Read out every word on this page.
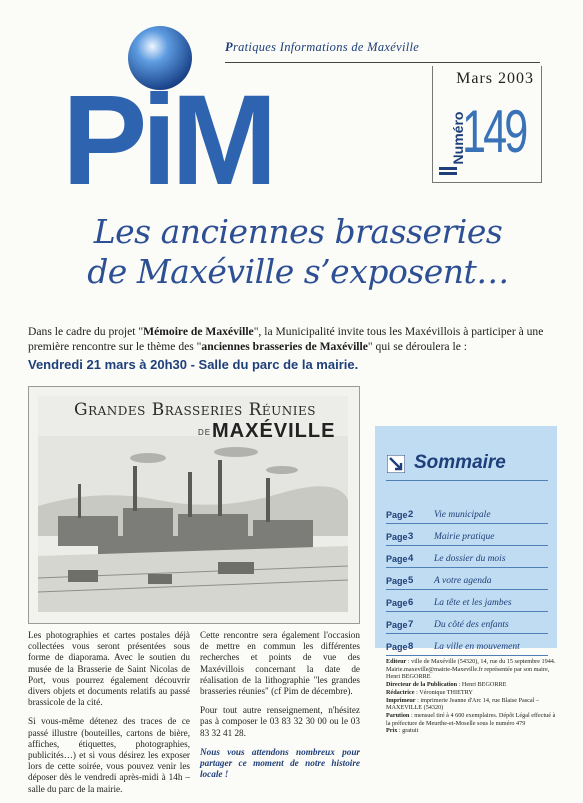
PiM
Pratiques Informations de Maxéville
Mars 2003
Numéro
149
Les anciennes brasseries
de Maxéville s’exposent…
Dans le cadre du projet "Mémoire de Maxéville", la Municipalité invite tous les Maxévillois à participer à une première rencontre sur le thème des "anciennes brasseries de Maxéville" qui se déroulera le :
Vendredi 21 mars à 20h30 - Salle du parc de la mairie.
Grandes Brasseries Réunies
DE MAXÉVILLE

Les photographies et cartes postales déjà collectées vous seront présentées sous forme de diaporama. Avec le soutien du musée de la Brasserie de Saint Nicolas de Port, vous pourrez également découvrir divers objets et documents relatifs au passé brassicole de la cité.

Si vous-même détenez des traces de ce passé illustre (bouteilles, cartons de bière, affiches, étiquettes, photographies, publicités…) et si vous désirez les exposer lors de cette soirée, vous pouvez venir les déposer dès le vendredi après-midi à 14h – salle du parc de la mairie.

Cette rencontre sera également l'occasion de mettre en commun les différentes recherches et points de vue des Maxévillois concernant la date de réalisation de la lithographie "les grandes brasseries réunies" (cf Pim de décembre).

Pour tout autre renseignement, n'hésitez pas à composer le 03 83 32 30 00 ou le 03 83 32 41 28.

Nous vous attendons nombreux pour partager ce moment de notre histoire locale !

Sommaire
Page 2	Vie municipale
Page 3	Mairie pratique
Page 4	Le dossier du mois
Page 5	A votre agenda
Page 6	La tête et les jambes
Page 7	Du côté des enfants
Page 8	La ville en mouvement
Editeur : ville de Maxéville (54320), 14, rue du 15 septembre 1944. Mairie.maxeville@mairie-Maxeville.fr représentée par son maire, Henri BEGORRE
Directeur de la Publication : Henri BEGORRE
Rédactrice : Véronique THIETRY
Imprimeur : imprimerie Jeanne d'Arc 14, rue Blaise Pascal – MAXEVILLE (54320)
Parution : mensuel tiré à 4 600 exemplaires. Dépôt Légal effectué à la préfecture de Meurthe-et-Moselle sous le numéro 479
Prix : gratuit
